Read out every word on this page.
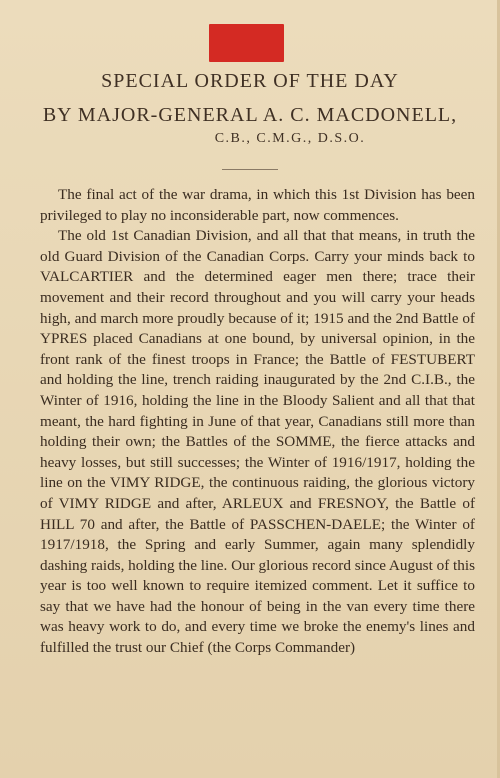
SPECIAL ORDER OF THE DAY
BY MAJOR-GENERAL A. C. MACDONELL,
C.B., C.M.G., D.S.O.

The final act of the war drama, in which this 1st Division has been privileged to play no inconsiderable part, now commences.

The old 1st Canadian Division, and all that that means, in truth the old Guard Division of the Canadian Corps. Carry your minds back to VALCARTIER and the determined eager men there; trace their movement and their record throughout and you will carry your heads high, and march more proudly because of it; 1915 and the 2nd Battle of YPRES placed Canadians at one bound, by universal opinion, in the front rank of the finest troops in France; the Battle of FESTUBERT and holding the line, trench raiding inaugurated by the 2nd C.I.B., the Winter of 1916, holding the line in the Bloody Salient and all that that meant, the hard fighting in June of that year, Canadians still more than holding their own; the Battles of the SOMME, the fierce attacks and heavy losses, but still successes; the Winter of 1916/1917, holding the line on the VIMY RIDGE, the continuous raiding, the glorious victory of VIMY RIDGE and after, ARLEUX and FRESNOY, the Battle of HILL 70 and after, the Battle of PASSCHEN-DAELE; the Winter of 1917/1918, the Spring and early Summer, again many splendidly dashing raids, holding the line. Our glorious record since August of this year is too well known to require itemized comment. Let it suffice to say that we have had the honour of being in the van every time there was heavy work to do, and every time we broke the enemy's lines and fulfilled the trust our Chief (the Corps Commander)
